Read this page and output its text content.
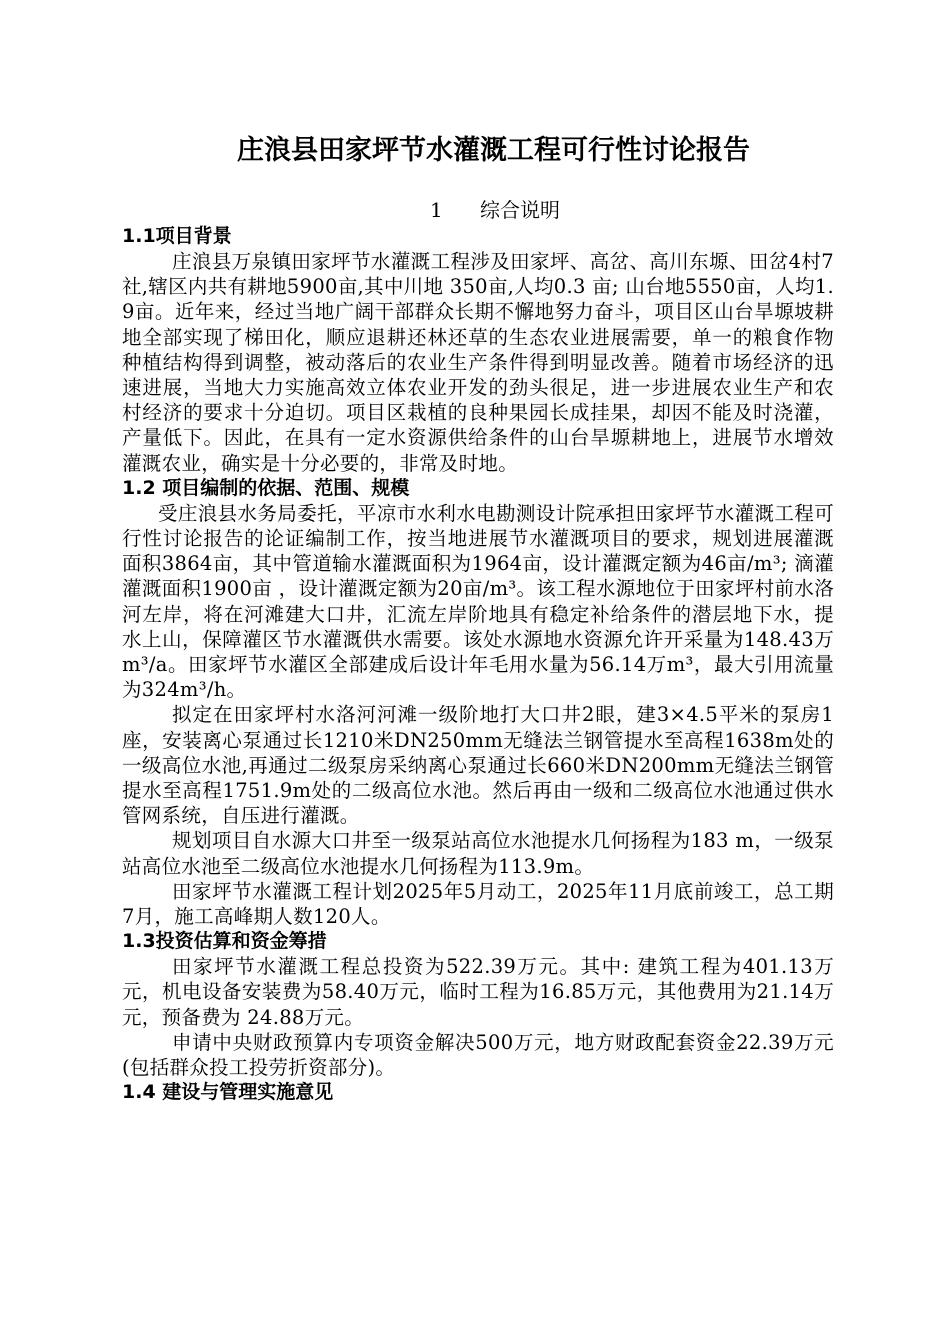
庄浪县田家坪节水灌溉工程可行性讨论报告
1 综合说明
1.1项目背景

庄浪县万泉镇田家坪节水灌溉工程涉及田家坪、高岔、高川东塬、田岔4村7社,辖区内共有耕地5900亩,其中川地 350亩,人均0.3 亩; 山台地5550亩，人均1.9亩。近年来，经过当地广阔干部群众长期不懈地努力奋斗，项目区山台旱塬坡耕地全部实现了梯田化，顺应退耕还林还草的生态农业进展需要，单一的粮食作物种植结构得到调整，被动落后的农业生产条件得到明显改善。随着市场经济的迅速进展，当地大力实施高效立体农业开发的劲头很足，进一步进展农业生产和农村经济的要求十分迫切。项目区栽植的良种果园长成挂果，却因不能及时浇灌，产量低下。因此，在具有一定水资源供给条件的山台旱塬耕地上，进展节水增效灌溉农业，确实是十分必要的，非常及时地。

1.2 项目编制的依据、范围、规模

受庄浪县水务局委托，平凉市水利水电勘测设计院承担田家坪节水灌溉工程可行性讨论报告的论证编制工作，按当地进展节水灌溉项目的要求，规划进展灌溉面积3864亩，其中管道输水灌溉面积为1964亩，设计灌溉定额为46亩/m³; 滴灌灌溉面积1900亩 ，设计灌溉定额为20亩/m³。该工程水源地位于田家坪村前水洛河左岸，将在河滩建大口井，汇流左岸阶地具有稳定补给条件的潜层地下水，提水上山，保障灌区节水灌溉供水需要。该处水源地水资源允许开采量为148.43万m³/a。田家坪节水灌区全部建成后设计年毛用水量为56.14万m³，最大引用流量为324m³/h。

拟定在田家坪村水洛河河滩一级阶地打大口井2眼，建3×4.5平米的泵房1座，安装离心泵通过长1210米DN250mm无缝法兰钢管提水至高程1638m处的一级高位水池,再通过二级泵房采纳离心泵通过长660米DN200mm无缝法兰钢管提水至高程1751.9m处的二级高位水池。然后再由一级和二级高位水池通过供水管网系统，自压进行灌溉。

规划项目自水源大口井至一级泵站高位水池提水几何扬程为183 m，一级泵站高位水池至二级高位水池提水几何扬程为113.9m。

田家坪节水灌溉工程计划2025年5月动工，2025年11月底前竣工，总工期7月，施工高峰期人数120人。

1.3投资估算和资金筹措

田家坪节水灌溉工程总投资为522.39万元。其中: 建筑工程为401.13万元，机电设备安装费为58.40万元，临时工程为16.85万元，其他费用为21.14万元，预备费为 24.88万元。

申请中央财政预算内专项资金解决500万元，地方财政配套资金22.39万元(包括群众投工投劳折资部分)。

1.4 建设与管理实施意见
